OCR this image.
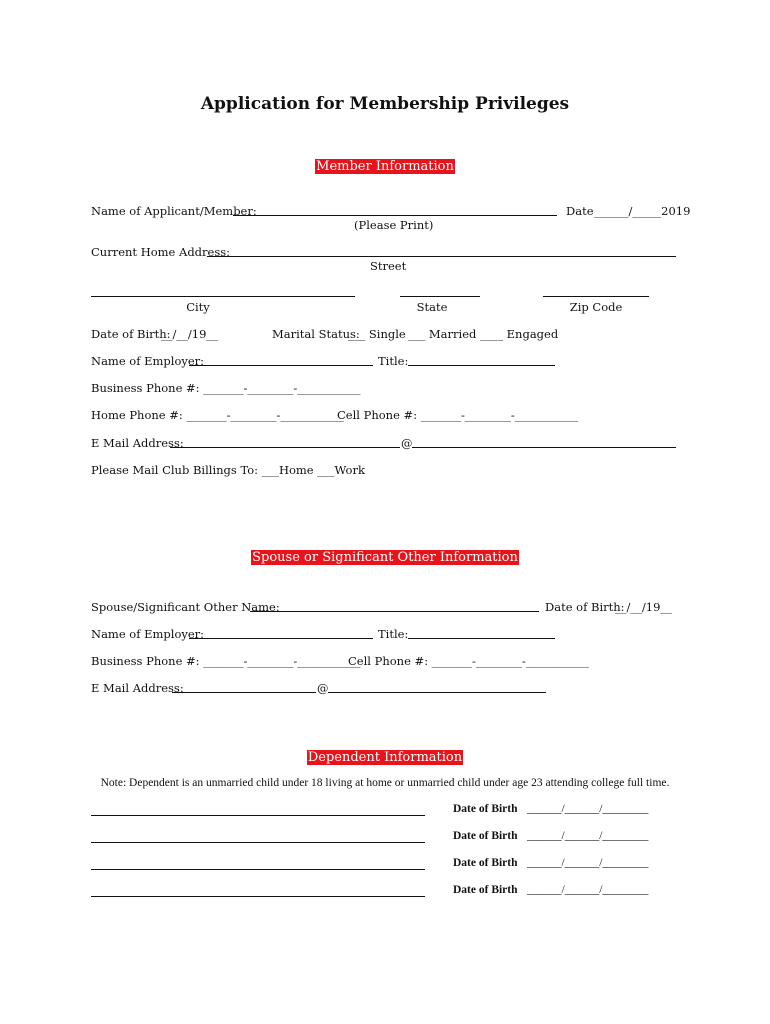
Application for Membership Privileges
Member Information
Name of Applicant/Member:	Date ______/_____2019
(Please Print)
Current Home Address:
Street
City	State	Zip Code
Date of Birth:
__/__/19__	Marital Status:
___ Single ___ Married ____ Engaged
Name of Employer:	Title:
Business Phone #: _______-________-___________
Home Phone #: _______-________-___________
Cell Phone #: _______-________-___________
E Mail Address:	@
Please Mail Club Billings To: ___Home ___Work
Spouse or Significant Other Information
Spouse/Significant Other Name:	Date of Birth:
__/__/19__
Name of Employer:	Title:
Business Phone #: _______-________-___________
Cell Phone #: _______-________-___________
E Mail Address:	@
Dependent Information
Note: Dependent is an unmarried child under 18 living at home or unmarried child under age 23 attending college full time.
Date of Birth ______/______/________
Date of Birth ______/______/________
Date of Birth ______/______/________
Date of Birth ______/______/________
